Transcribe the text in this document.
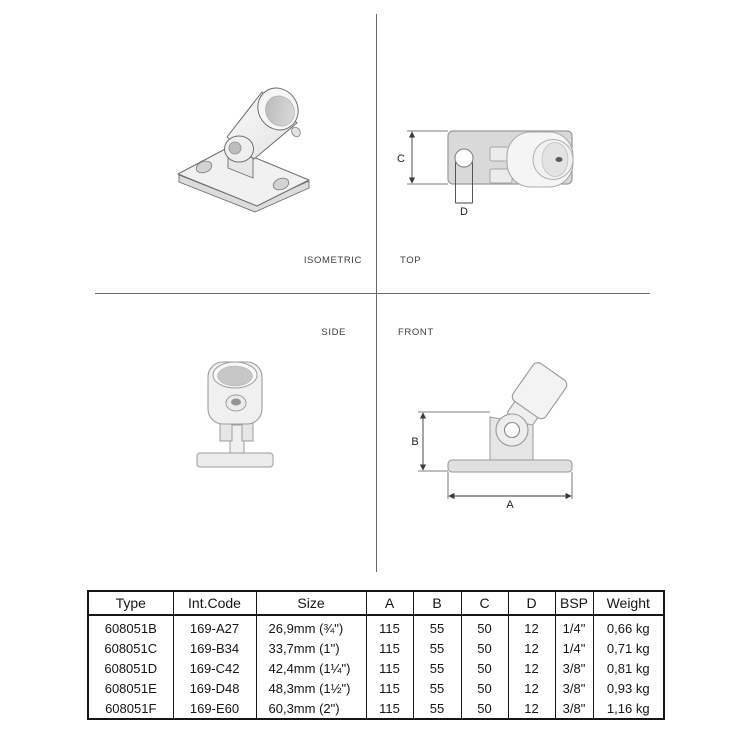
ISOMETRIC	TOP
SIDE	FRONT
C
D
B
A
Type	Int.Code	Size	A	B	C	D	BSP	Weight
608051B	169-A27	26,9mm (¾")	115	55	50	12	1/4"	0,66 kg
608051C	169-B34	33,7mm (1")	115	55	50	12	1/4"	0,71 kg
608051D	169-C42	42,4mm (1¼")	115	55	50	12	3/8"	0,81 kg
608051E	169-D48	48,3mm (1½")	115	55	50	12	3/8"	0,93 kg
608051F	169-E60	60,3mm (2")	115	55	50	12	3/8"	1,16 kg
